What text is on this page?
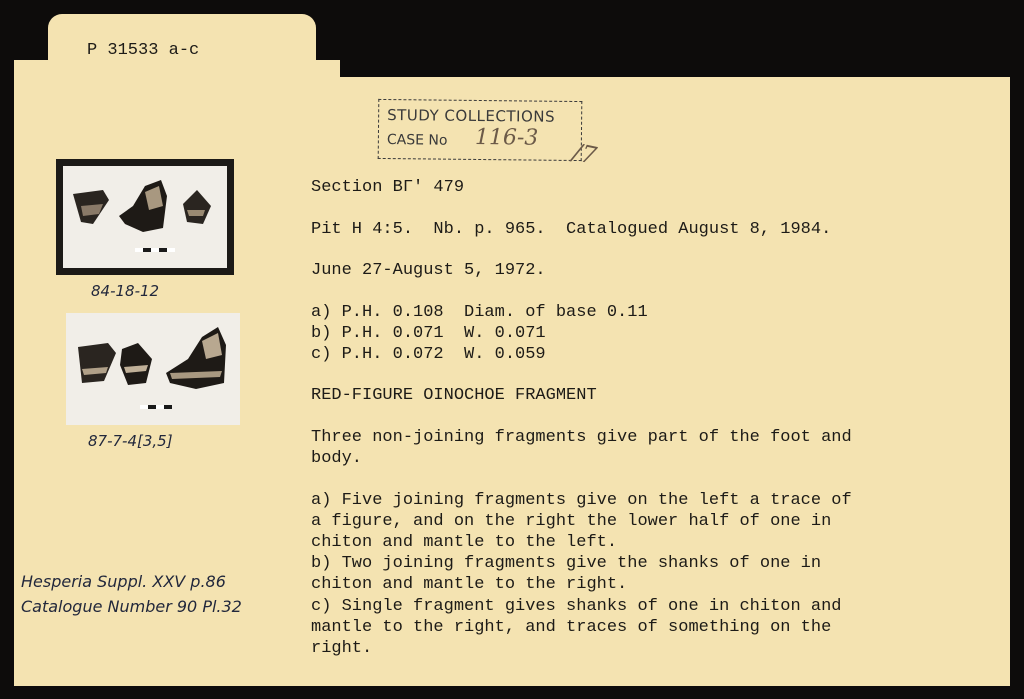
P 31533 a-c
STUDY COLLECTIONS
CASE No 116-3
/7
Section BΓ' 479
Pit H 4:5.  Nb. p. 965.  Catalogued August 8, 1984.
June 27-August 5, 1972.
a) P.H. 0.108  Diam. of base 0.11
b) P.H. 0.071  W. 0.071
c) P.H. 0.072  W. 0.059
RED-FIGURE OINOCHOE FRAGMENT
Three non-joining fragments give part of the foot and
body.
a) Five joining fragments give on the left a trace of
a figure, and on the right the lower half of one in
chiton and mantle to the left.
b) Two joining fragments give the shanks of one in
chiton and mantle to the right.
c) Single fragment gives shanks of one in chiton and
mantle to the right, and traces of something on the
right.
84-18-12
87-7-4[3,5]
Hesperia Suppl. XXV p.86
Catalogue Number 90 Pl.32
